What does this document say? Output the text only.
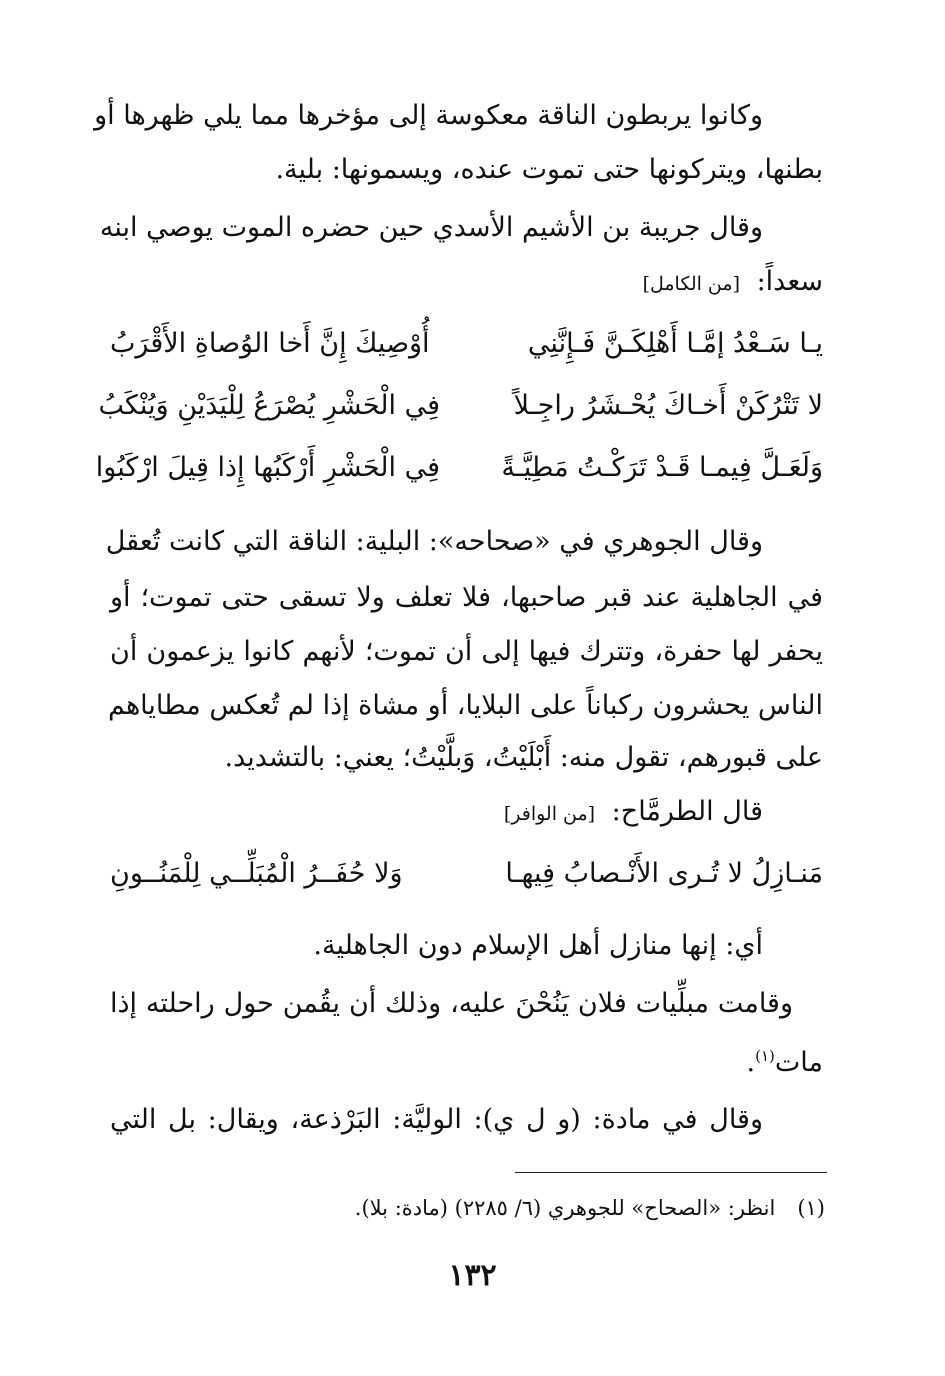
وكانوا يربطون الناقة معكوسة إلى مؤخرها مما يلي ظهرها أو
بطنها، ويتركونها حتى تموت عنده، ويسمونها: بلية.
وقال جريبة بن الأشيم الأسدي حين حضره الموت يوصي ابنه
سعداً: [من الكامل]
يـا سَـعْدُ إمَّـا أَهْلِكَـنَّ فَـإِنَّنِي
أُوْصِيكَ إِنَّ أَخا الوُصاةِ الأَقْرَبُ
لا تَتْرُكَنْ أَخـاكَ يُحْـشَرُ راجِـلاً
فِي الْحَشْرِ يُصْرَعُ لِلْيَدَيْنِ وَيُنْكَبُ
وَلَعَـلَّ فِيمـا قَـدْ تَرَكْـتُ مَطِيَّـةً
فِي الْحَشْرِ أَرْكَبُها إِذا قِيلَ ارْكَبُوا
وقال الجوهري في «صحاحه»: البلية: الناقة التي كانت تُعقل
في الجاهلية عند قبر صاحبها، فلا تعلف ولا تسقى حتى تموت؛ أو
يحفر لها حفرة، وتترك فيها إلى أن تموت؛ لأنهم كانوا يزعمون أن
الناس يحشرون ركباناً على البلايا، أو مشاة إذا لم تُعكس مطاياهم
على قبورهم، تقول منه: أَبْلَيْتُ، وَبلَّيْتُ؛ يعني: بالتشديد.
قال الطرمَّاح: [من الوافر]
مَنـازِلُ لا تُـرى الأَنْـصابُ فِيهـا
وَلا حُفَــرُ الْمُبَلِّــي لِلْمَنُــونِ
أي: إنها منازل أهل الإسلام دون الجاهلية.
وقامت مبلِّيات فلان يَنُحْنَ عليه، وذلك أن يقُمن حول راحلته إذا
مات$^{(١)}$.
وقال في مادة: (و ل ي): الوليَّة: البَرْذعة، ويقال: بل التي
(١)انظر: «الصحاح» للجوهري (٦/ ٢٢٨٥) (مادة: بلا).
١٣٢
